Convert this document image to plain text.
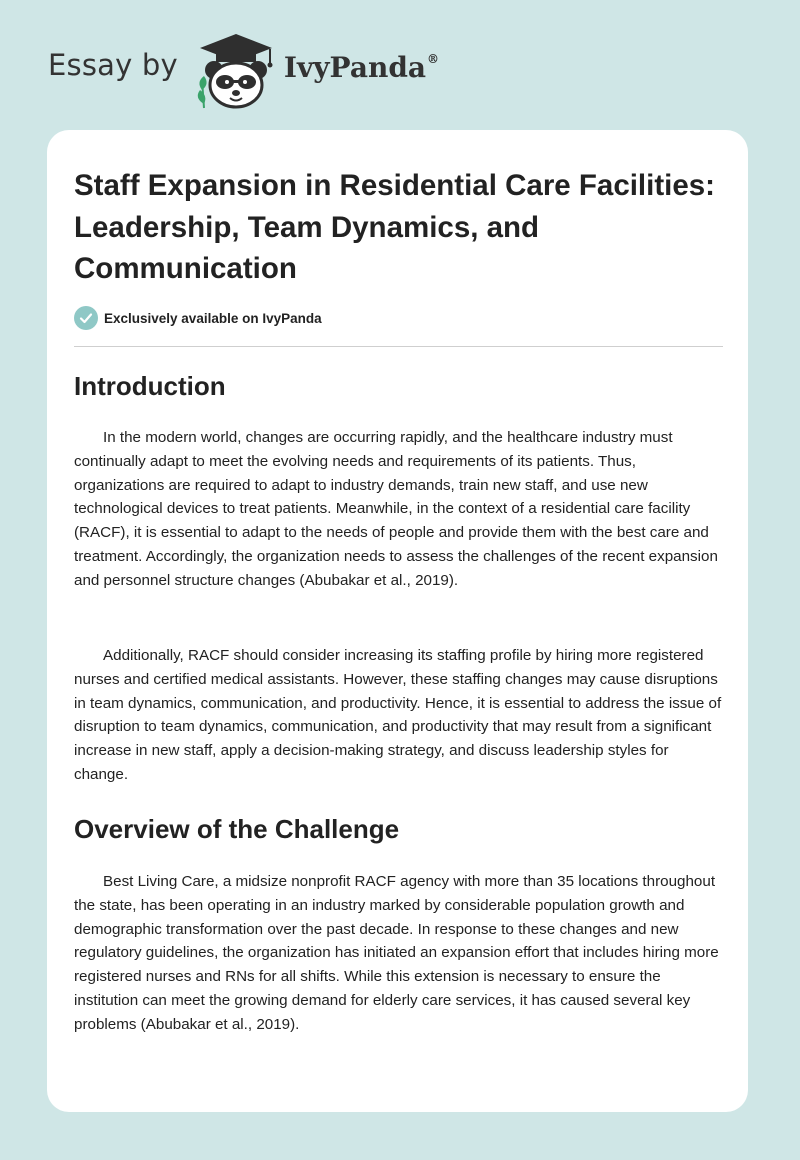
Essay by	IvyPanda®
Staff Expansion in Residential Care Facilities: Leadership, Team Dynamics, and Communication
Exclusively available on IvyPanda
Introduction

In the modern world, changes are occurring rapidly, and the healthcare industry must continually adapt to meet the evolving needs and requirements of its patients. Thus, organizations are required to adapt to industry demands, train new staff, and use new technological devices to treat patients. Meanwhile, in the context of a residential care facility (RACF), it is essential to adapt to the needs of people and provide them with the best care and treatment. Accordingly, the organization needs to assess the challenges of the recent expansion and personnel structure changes (Abubakar et al., 2019).

Additionally, RACF should consider increasing its staffing profile by hiring more registered nurses and certified medical assistants. However, these staffing changes may cause disruptions in team dynamics, communication, and productivity. Hence, it is essential to address the issue of disruption to team dynamics, communication, and productivity that may result from a significant increase in new staff, apply a decision-making strategy, and discuss leadership styles for change.

Overview of the Challenge

Best Living Care, a midsize nonprofit RACF agency with more than 35 locations throughout the state, has been operating in an industry marked by considerable population growth and demographic transformation over the past decade. In response to these changes and new regulatory guidelines, the organization has initiated an expansion effort that includes hiring more registered nurses and RNs for all shifts. While this extension is necessary to ensure the institution can meet the growing demand for elderly care services, it has caused several key problems (Abubakar et al., 2019).
